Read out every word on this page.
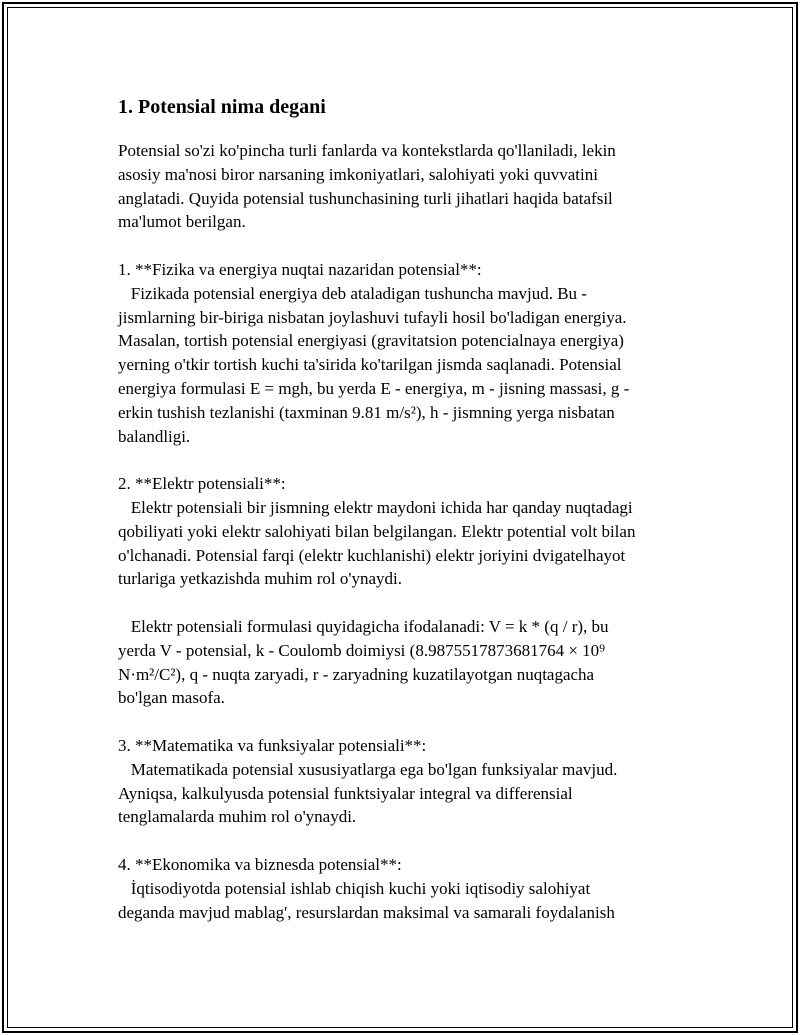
1. Potensial nima degani
Potensial so'zi ko'pincha turli fanlarda va kontekstlarda qo'llaniladi, lekin
asosiy ma'nosi biror narsaning imkoniyatlari, salohiyati yoki quvvatini
anglatadi. Quyida potensial tushunchasining turli jihatlari haqida batafsil
ma'lumot berilgan.
1. **Fizika va energiya nuqtai nazaridan potensial**:
Fizikada potensial energiya deb ataladigan tushuncha mavjud. Bu -
jismlarning bir-biriga nisbatan joylashuvi tufayli hosil bo'ladigan energiya.
Masalan, tortish potensial energiyasi (gravitatsion potencialnaya energiya)
yerning o'tkir tortish kuchi ta'sirida ko'tarilgan jismda saqlanadi. Potensial
energiya formulasi E = mgh, bu yerda E - energiya, m - jisning massasi, g -
erkin tushish tezlanishi (taxminan 9.81 m/s²), h - jismning yerga nisbatan
balandligi.
2. **Elektr potensiali**:
Elektr potensiali bir jismning elektr maydoni ichida har qanday nuqtadagi
qobiliyati yoki elektr salohiyati bilan belgilangan. Elektr potential volt bilan
o'lchanadi. Potensial farqi (elektr kuchlanishi) elektr joriyini dvigatelhayot
turlariga yetkazishda muhim rol o'ynaydi.
Elektr potensiali formulasi quyidagicha ifodalanadi: V = k * (q / r), bu
yerda V - potensial, k - Coulomb doimiysi (8.9875517873681764 × 10⁹
N·m²/C²), q - nuqta zaryadi, r - zaryadning kuzatilayotgan nuqtagacha
bo'lgan masofa.
3. **Matematika va funksiyalar potensiali**:
Matematikada potensial xususiyatlarga ega bo'lgan funksiyalar mavjud.
Ayniqsa, kalkulyusda potensial funktsiyalar integral va differensial
tenglamalarda muhim rol o'ynaydi.
4. **Ekonomika va biznesda potensial**:
İqtisodiyotda potensial ishlab chiqish kuchi yoki iqtisodiy salohiyat
deganda mavjud mablag', resurslardan maksimal va samarali foydalanish
